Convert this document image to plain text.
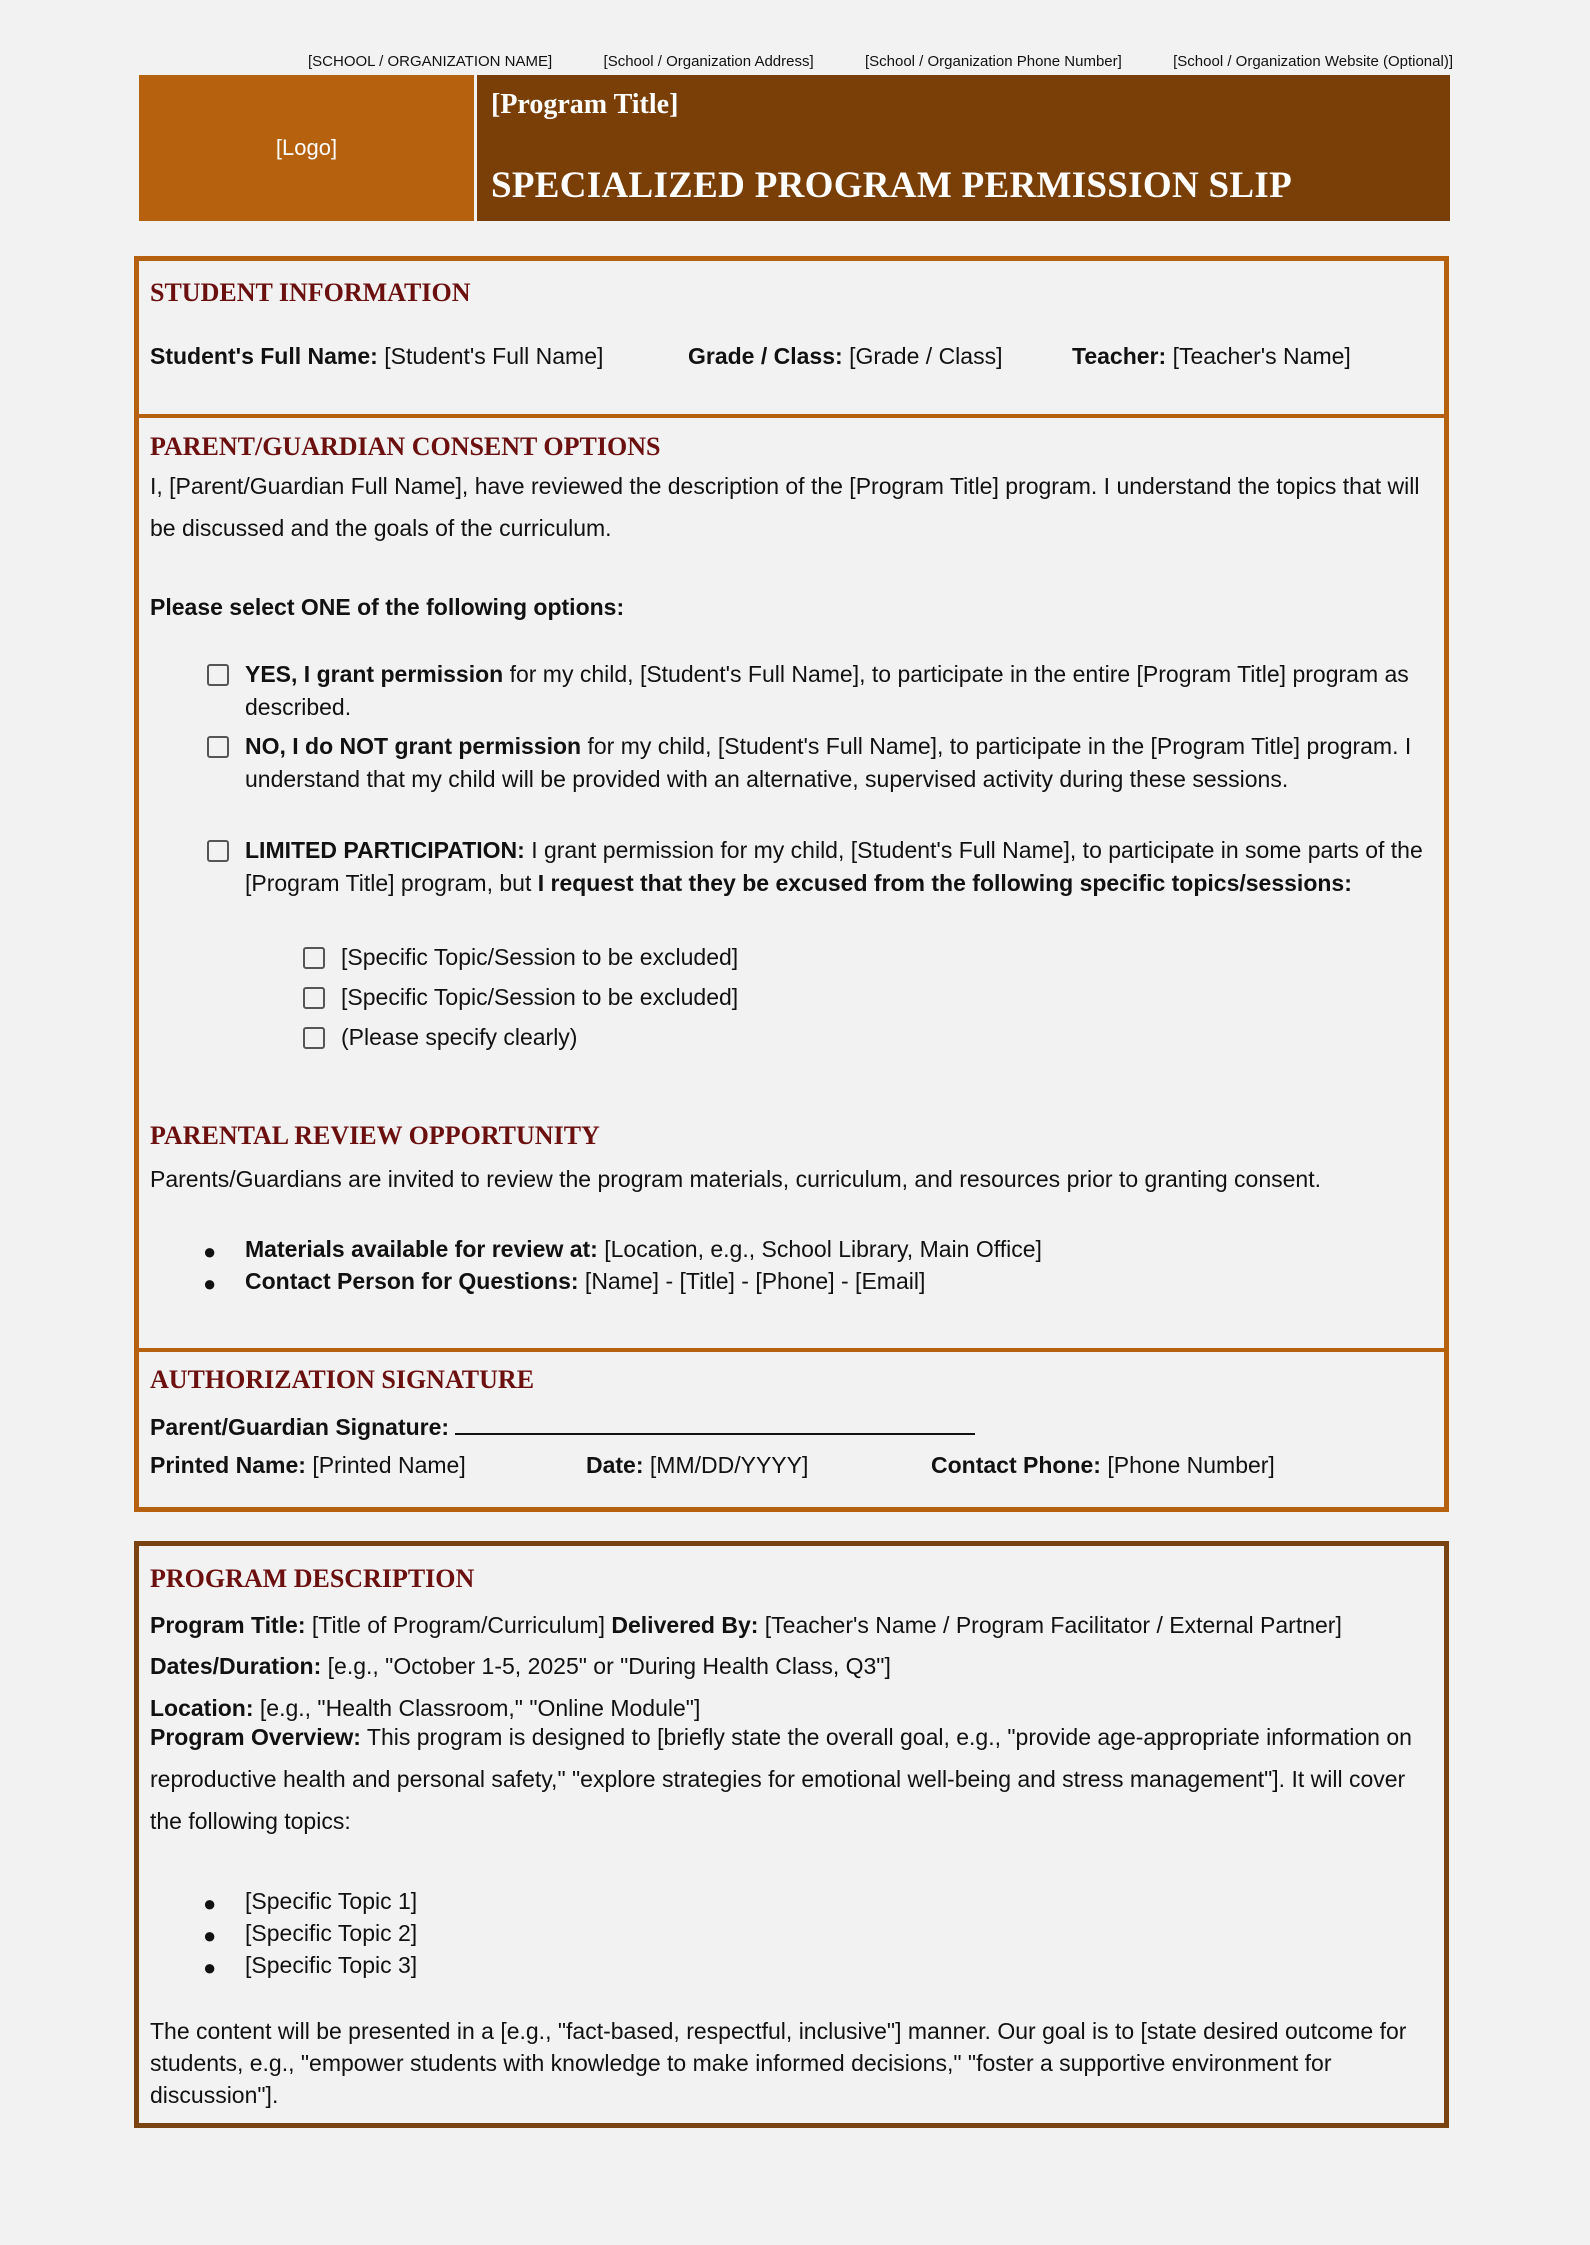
[SCHOOL / ORGANIZATION NAME]	[School / Organization Address]	[School / Organization Phone Number]	[School / Organization Website (Optional)]
[Logo]
[Program Title]
SPECIALIZED PROGRAM PERMISSION SLIP
STUDENT INFORMATION
Student's Full Name: [Student's Full Name]	Grade / Class: [Grade / Class]	Teacher: [Teacher's Name]
PARENT/GUARDIAN CONSENT OPTIONS
I, [Parent/Guardian Full Name], have reviewed the description of the [Program Title] program. I understand the topics that will be discussed and the goals of the curriculum.
Please select ONE of the following options:
YES, I grant permission for my child, [Student's Full Name], to participate in the entire [Program Title] program as described.
NO, I do NOT grant permission for my child, [Student's Full Name], to participate in the [Program Title] program. I understand that my child will be provided with an alternative, supervised activity during these sessions.
LIMITED PARTICIPATION: I grant permission for my child, [Student's Full Name], to participate in some parts of the [Program Title] program, but I request that they be excused from the following specific topics/sessions:
[Specific Topic/Session to be excluded]
[Specific Topic/Session to be excluded]
(Please specify clearly)
PARENTAL REVIEW OPPORTUNITY
Parents/Guardians are invited to review the program materials, curriculum, and resources prior to granting consent.
● Materials available for review at: [Location, e.g., School Library, Main Office]
● Contact Person for Questions: [Name] - [Title] - [Phone] - [Email]
AUTHORIZATION SIGNATURE
Parent/Guardian Signature:
Printed Name: [Printed Name]	Date: [MM/DD/YYYY]	Contact Phone: [Phone Number]
PROGRAM DESCRIPTION
Program Title: [Title of Program/Curriculum] Delivered By: [Teacher's Name / Program Facilitator / External Partner]
Dates/Duration: [e.g., "October 1-5, 2025" or "During Health Class, Q3"]
Location: [e.g., "Health Classroom," "Online Module"]
Program Overview: This program is designed to [briefly state the overall goal, e.g., "provide age-appropriate information on reproductive health and personal safety," "explore strategies for emotional well-being and stress management"]. It will cover the following topics:
● [Specific Topic 1]
● [Specific Topic 2]
● [Specific Topic 3]
The content will be presented in a [e.g., "fact-based, respectful, inclusive"] manner. Our goal is to [state desired outcome for students, e.g., "empower students with knowledge to make informed decisions," "foster a supportive environment for discussion"].
